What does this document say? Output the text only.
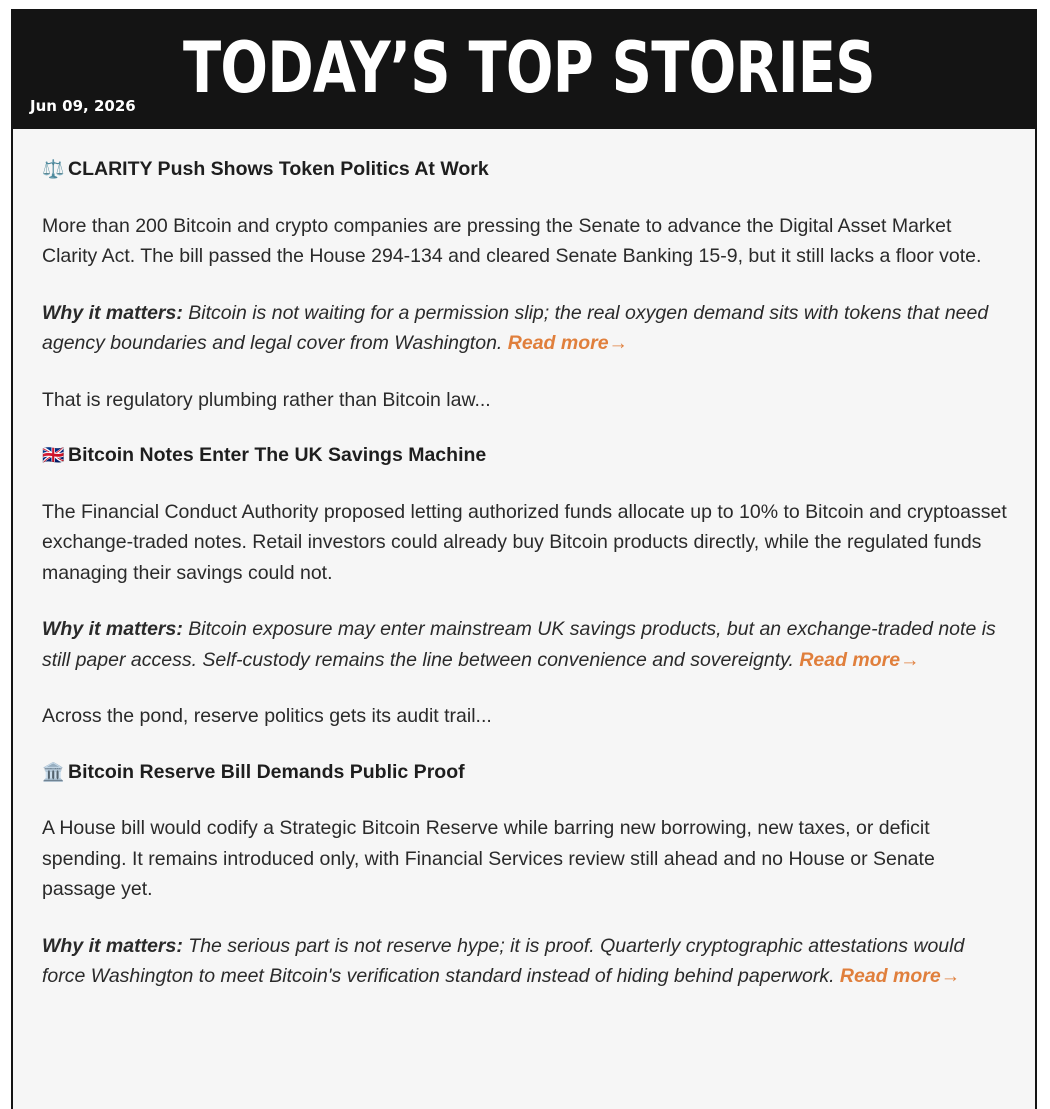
Jun 09, 2026 TODAY’S TOP STORIES
⚖️ CLARITY Push Shows Token Politics At Work

More than 200 Bitcoin and crypto companies are pressing the Senate to advance the Digital Asset Market Clarity Act. The bill passed the House 294-134 and cleared Senate Banking 15-9, but it still lacks a floor vote.

Why it matters: Bitcoin is not waiting for a permission slip; the real oxygen demand sits with tokens that need agency boundaries and legal cover from Washington. Read more→

That is regulatory plumbing rather than Bitcoin law...

🇬🇧 Bitcoin Notes Enter The UK Savings Machine

The Financial Conduct Authority proposed letting authorized funds allocate up to 10% to Bitcoin and cryptoasset exchange-traded notes. Retail investors could already buy Bitcoin products directly, while the regulated funds managing their savings could not.

Why it matters: Bitcoin exposure may enter mainstream UK savings products, but an exchange-traded note is still paper access. Self-custody remains the line between convenience and sovereignty. Read more→

Across the pond, reserve politics gets its audit trail...

🏛️ Bitcoin Reserve Bill Demands Public Proof

A House bill would codify a Strategic Bitcoin Reserve while barring new borrowing, new taxes, or deficit spending. It remains introduced only, with Financial Services review still ahead and no House or Senate passage yet.

Why it matters: The serious part is not reserve hype; it is proof. Quarterly cryptographic attestations would force Washington to meet Bitcoin's verification standard instead of hiding behind paperwork. Read more→
